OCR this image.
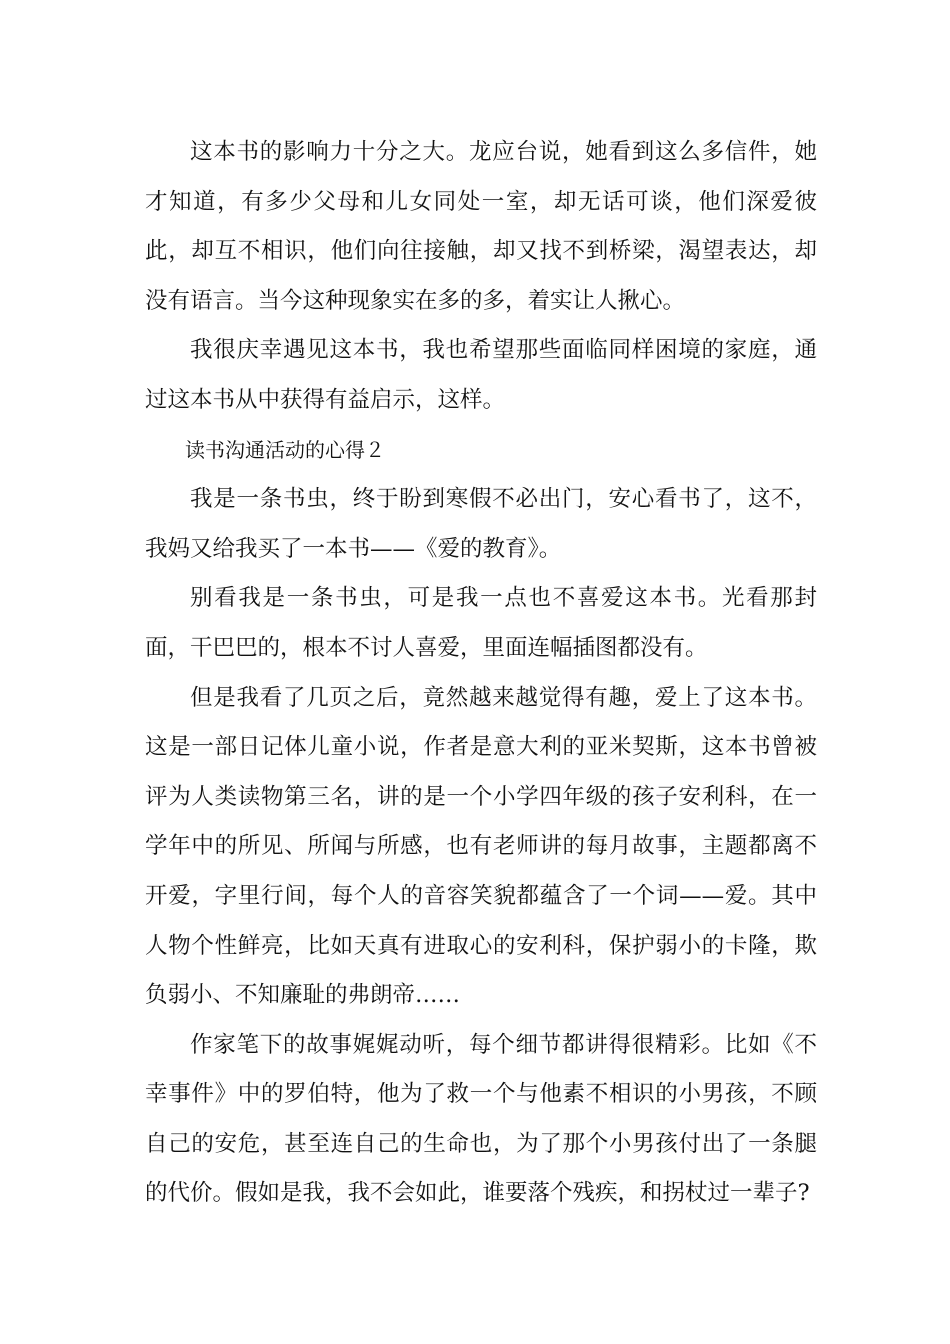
这本书的影响力十分之大。龙应台说，她看到这么多信件，她才知道，有多少父母和儿女同处一室，却无话可谈，他们深爱彼此，却互不相识，他们向往接触，却又找不到桥梁，渴望表达，却没有语言。当今这种现象实在多的多，着实让人揪心。

我很庆幸遇见这本书，我也希望那些面临同样困境的家庭，通过这本书从中获得有益启示，这样。

读书沟通活动的心得２

我是一条书虫，终于盼到寒假不必出门，安心看书了，这不，我妈又给我买了一本书——《爱的教育》。

别看我是一条书虫，可是我一点也不喜爱这本书。光看那封面，干巴巴的，根本不讨人喜爱，里面连幅插图都没有。

但是我看了几页之后，竟然越来越觉得有趣，爱上了这本书。这是一部日记体儿童小说，作者是意大利的亚米契斯，这本书曾被评为人类读物第三名，讲的是一个小学四年级的孩子安利科，在一学年中的所见、所闻与所感，也有老师讲的每月故事，主题都离不开爱，字里行间，每个人的音容笑貌都蕴含了一个词——爱。其中人物个性鲜亮，比如天真有进取心的安利科，保护弱小的卡隆，欺负弱小、不知廉耻的弗朗帝……

作家笔下的故事娓娓动听，每个细节都讲得很精彩。比如《不幸事件》中的罗伯特，他为了救一个与他素不相识的小男孩，不顾自己的安危，甚至连自己的生命也，为了那个小男孩付出了一条腿的代价。假如是我，我不会如此，谁要落个残疾，和拐杖过一辈子?
